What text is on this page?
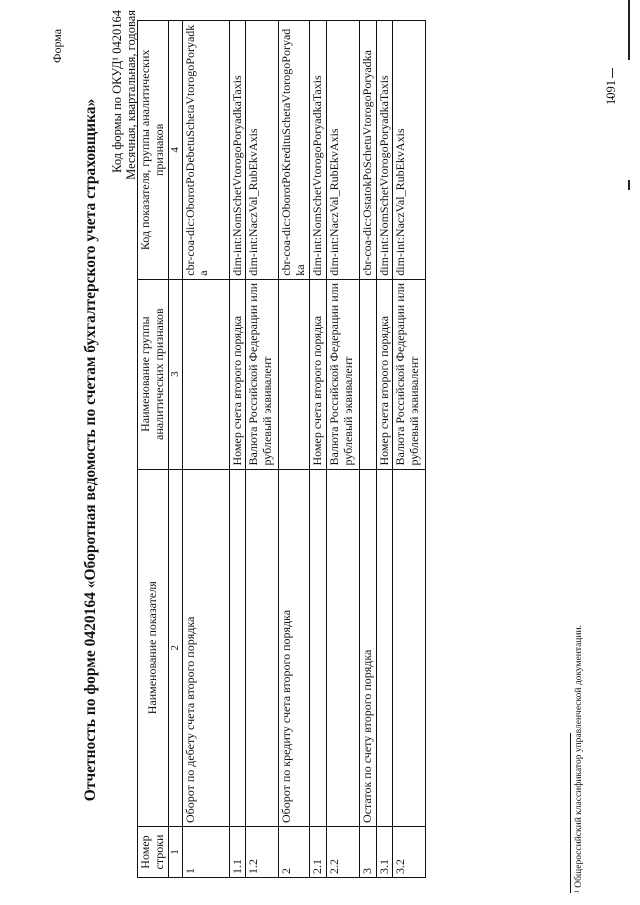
Форма
Отчетность по форме 0420164 «Оборотная ведомость по счетам бухгалтерского учета страховщика»
Код формы по ОКУД¹ 0420164 Месячная, квартальная, годовая
Номер строки	Наименование показателя	Наименование группы аналитических признаков	Код показателя, группы аналитических признаков
1	2	3	4
1	Оборот по дебету счета второго порядка		cbr-coa-dic:OborotPoDebetuSchetaVtorogoPoryadka
1.1		Номер счета второго порядка	dim-int:NomSchetVtorogoPoryadkaTaxis
1.2		Валюта Российской Федерации или рублевый эквивалент	dim-int:NaczVal_RubEkvAxis
2	Оборот по кредиту счета второго порядка		cbr-coa-dic:OborotPoKredituSchetaVtorogoPoryadka
2.1		Номер счета второго порядка	dim-int:NomSchetVtorogoPoryadkaTaxis
2.2		Валюта Российской Федерации или рублевый эквивалент	dim-int:NaczVal_RubEkvAxis
3	Остаток по счету второго порядка		cbr-coa-dic:OstatokPoSchetuVtorogoPoryadka
3.1		Номер счета второго порядка	dim-int:NomSchetVtorogoPoryadkaTaxis
3.2		Валюта Российской Федерации или рублевый эквивалент	dim-int:NaczVal_RubEkvAxis
¹ Общероссийский классификатор управленческой документации.
1091
